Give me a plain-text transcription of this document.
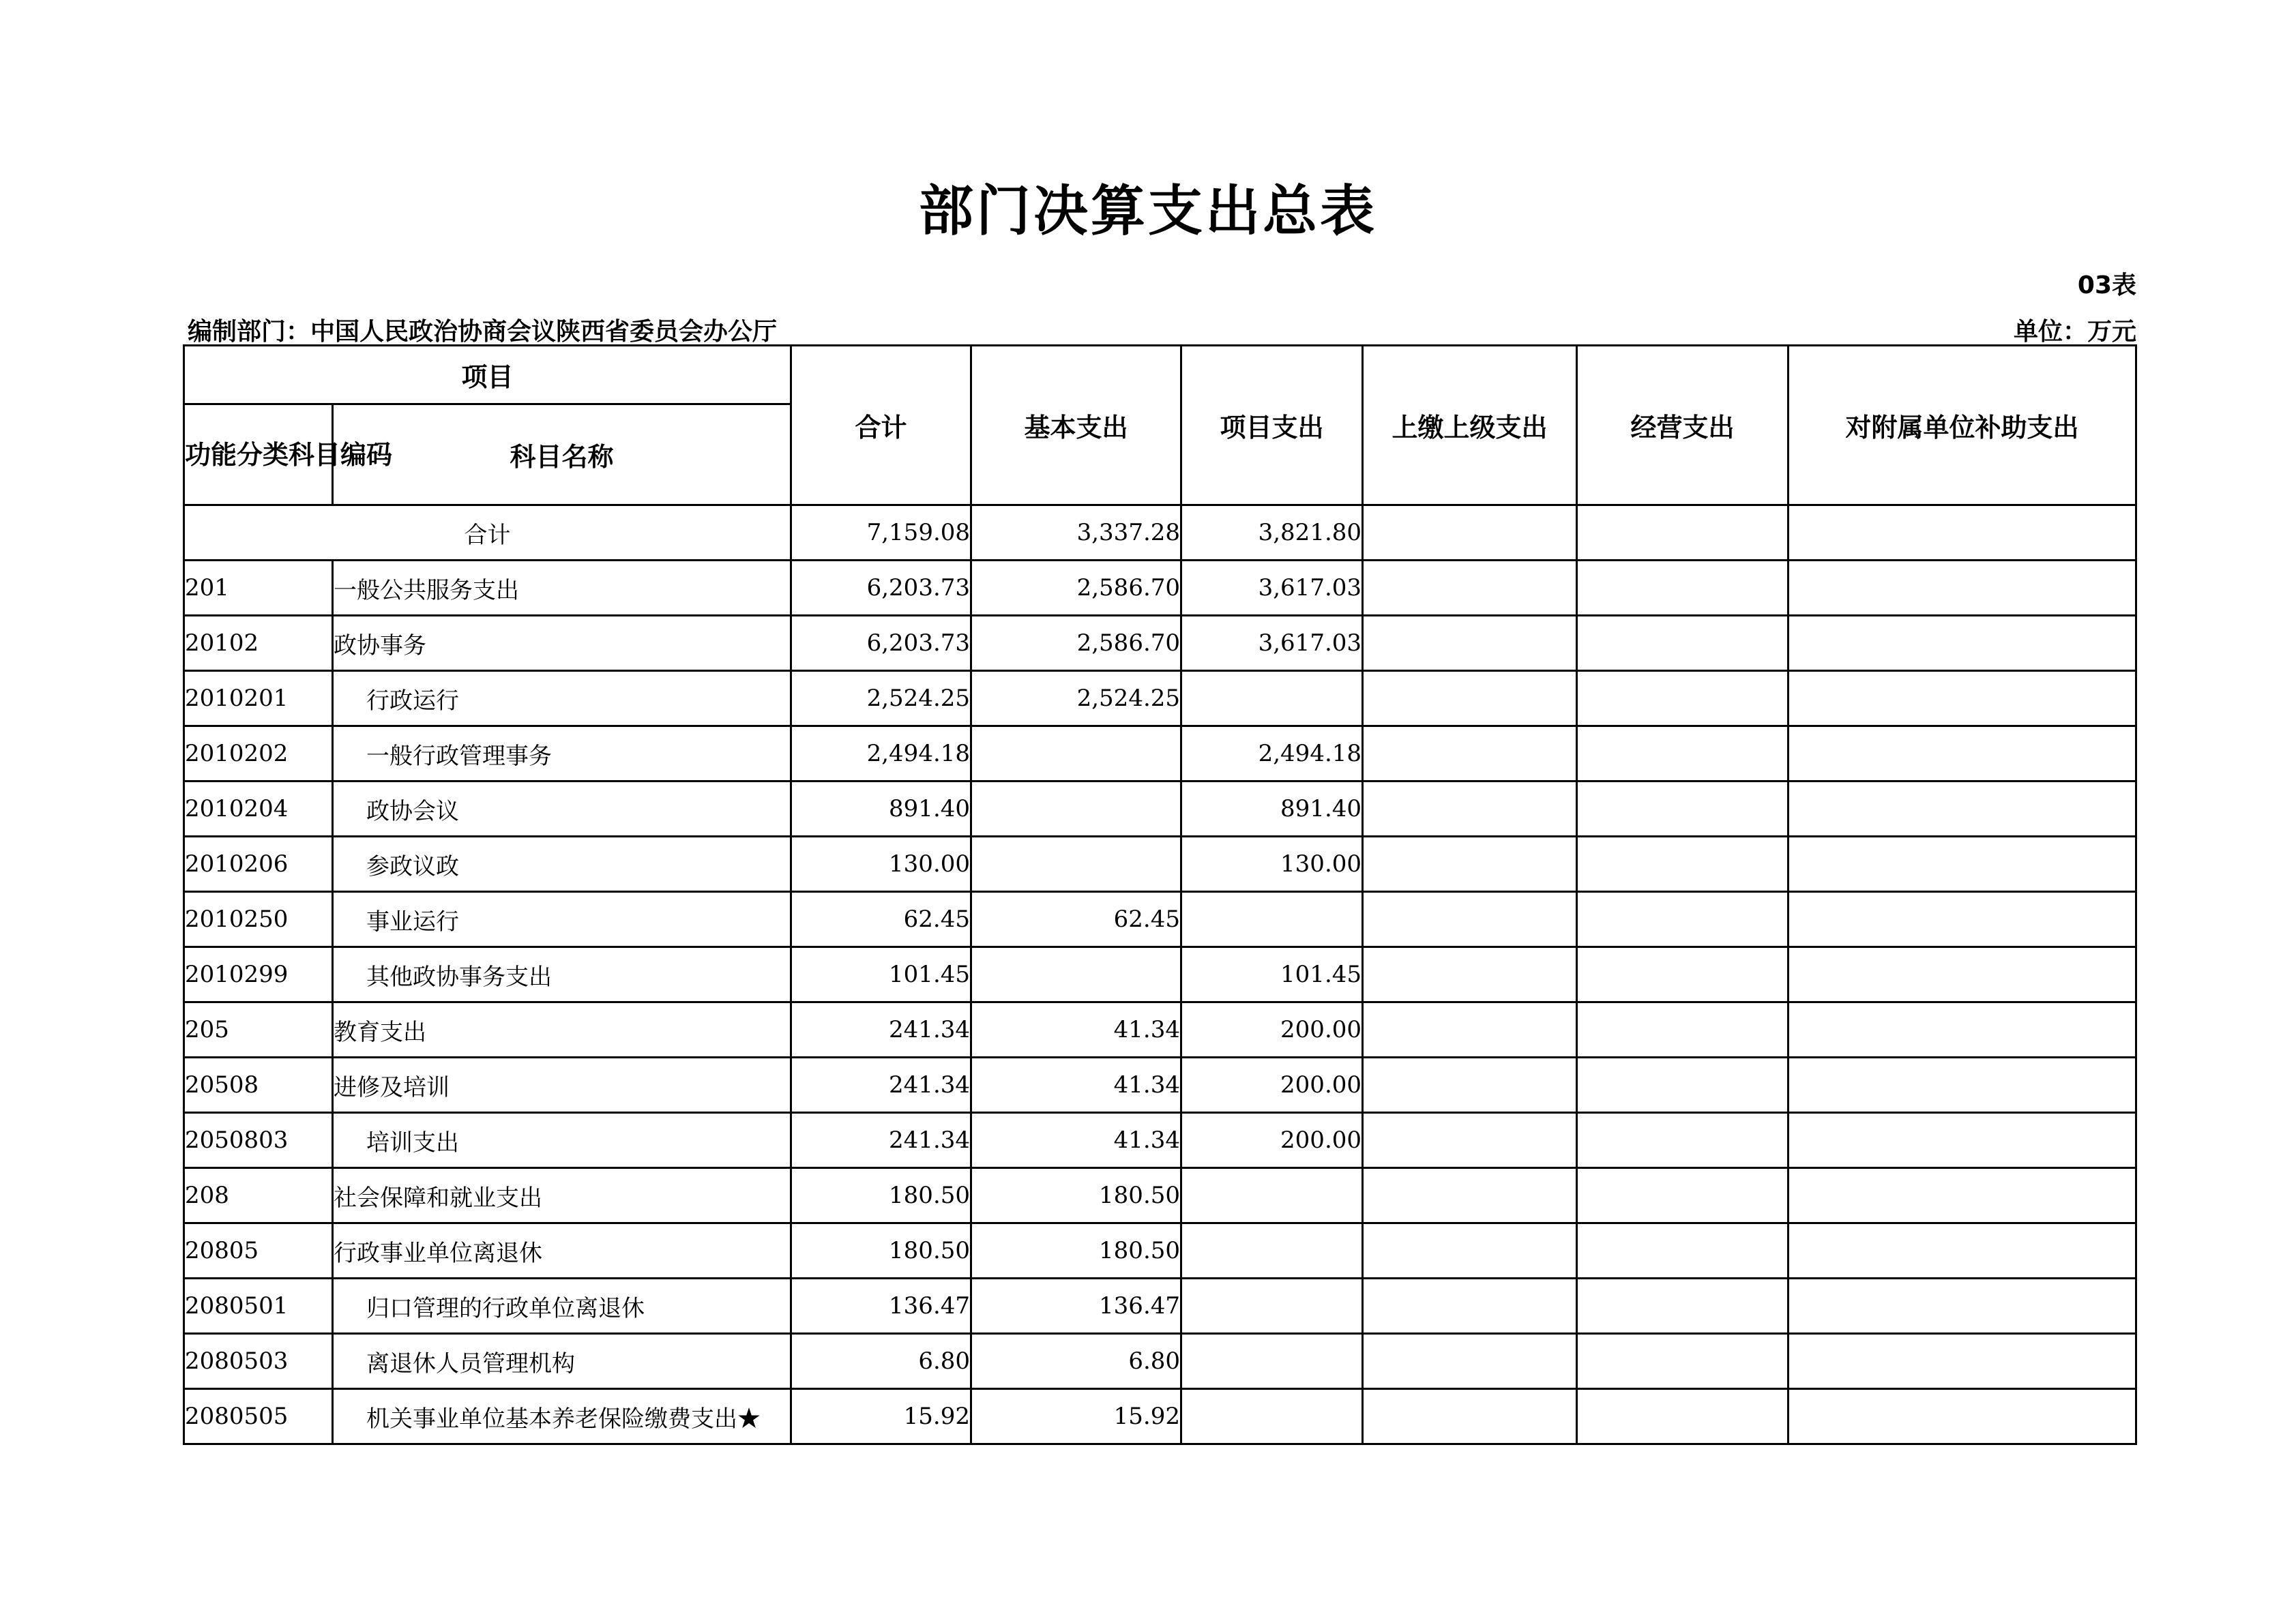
部门决算支出总表
03表
编制部门：中国人民政治协商会议陕西省委员会办公厅	单位：万元
项目		合计	基本支出	项目支出	上缴上级支出	经营支出	对附属单位补助支出
功能分类科目编码	科目名称						
合计		7,159.08	3,337.28	3,821.80			
201	一般公共服务支出	6,203.73	2,586.70	3,617.03			
20102	政协事务	6,203.73	2,586.70	3,617.03			
2010201	行政运行	2,524.25	2,524.25				
2010202	一般行政管理事务	2,494.18		2,494.18			
2010204	政协会议	891.40		891.40			
2010206	参政议政	130.00		130.00			
2010250	事业运行	62.45	62.45				
2010299	其他政协事务支出	101.45		101.45			
205	教育支出	241.34	41.34	200.00			
20508	进修及培训	241.34	41.34	200.00			
2050803	培训支出	241.34	41.34	200.00			
208	社会保障和就业支出	180.50	180.50				
20805	行政事业单位离退休	180.50	180.50				
2080501	归口管理的行政单位离退休	136.47	136.47				
2080503	离退休人员管理机构	6.80	6.80				
2080505	机关事业单位基本养老保险缴费支出★	15.92	15.92				
